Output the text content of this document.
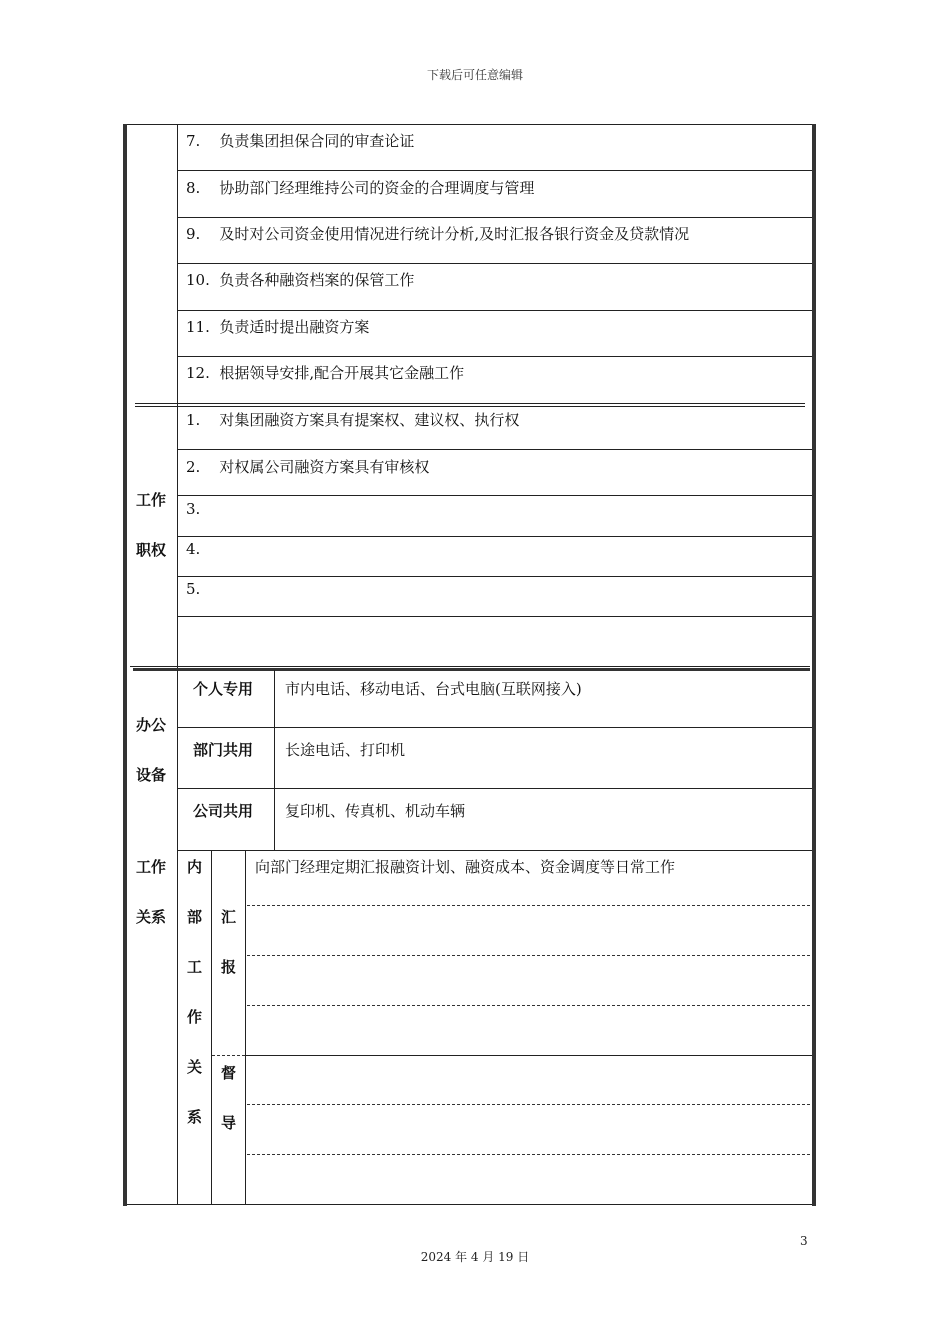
下载后可任意编辑
7.    负责集团担保合同的审查论证
8.    协助部门经理维持公司的资金的合理调度与管理
9.    及时对公司资金使用情况进行统计分析,及时汇报各银行资金及贷款情况
10.  负责各种融资档案的保管工作
11.  负责适时提出融资方案
12.  根据领导安排,配合开展其它金融工作
工作
职权
1.    对集团融资方案具有提案权、建议权、执行权
2.    对权属公司融资方案具有审核权
3.
4.
5.
办公
设备
个人专用 市内电话、移动电话、台式电脑(互联网接入)
部门共用 长途电话、打印机
公司共用 复印机、传真机、机动车辆
工作
关系
内
部
工
作
关
系
汇
报
督
导
向部门经理定期汇报融资计划、融资成本、资金调度等日常工作
3
2024 年 4 月 19 日
